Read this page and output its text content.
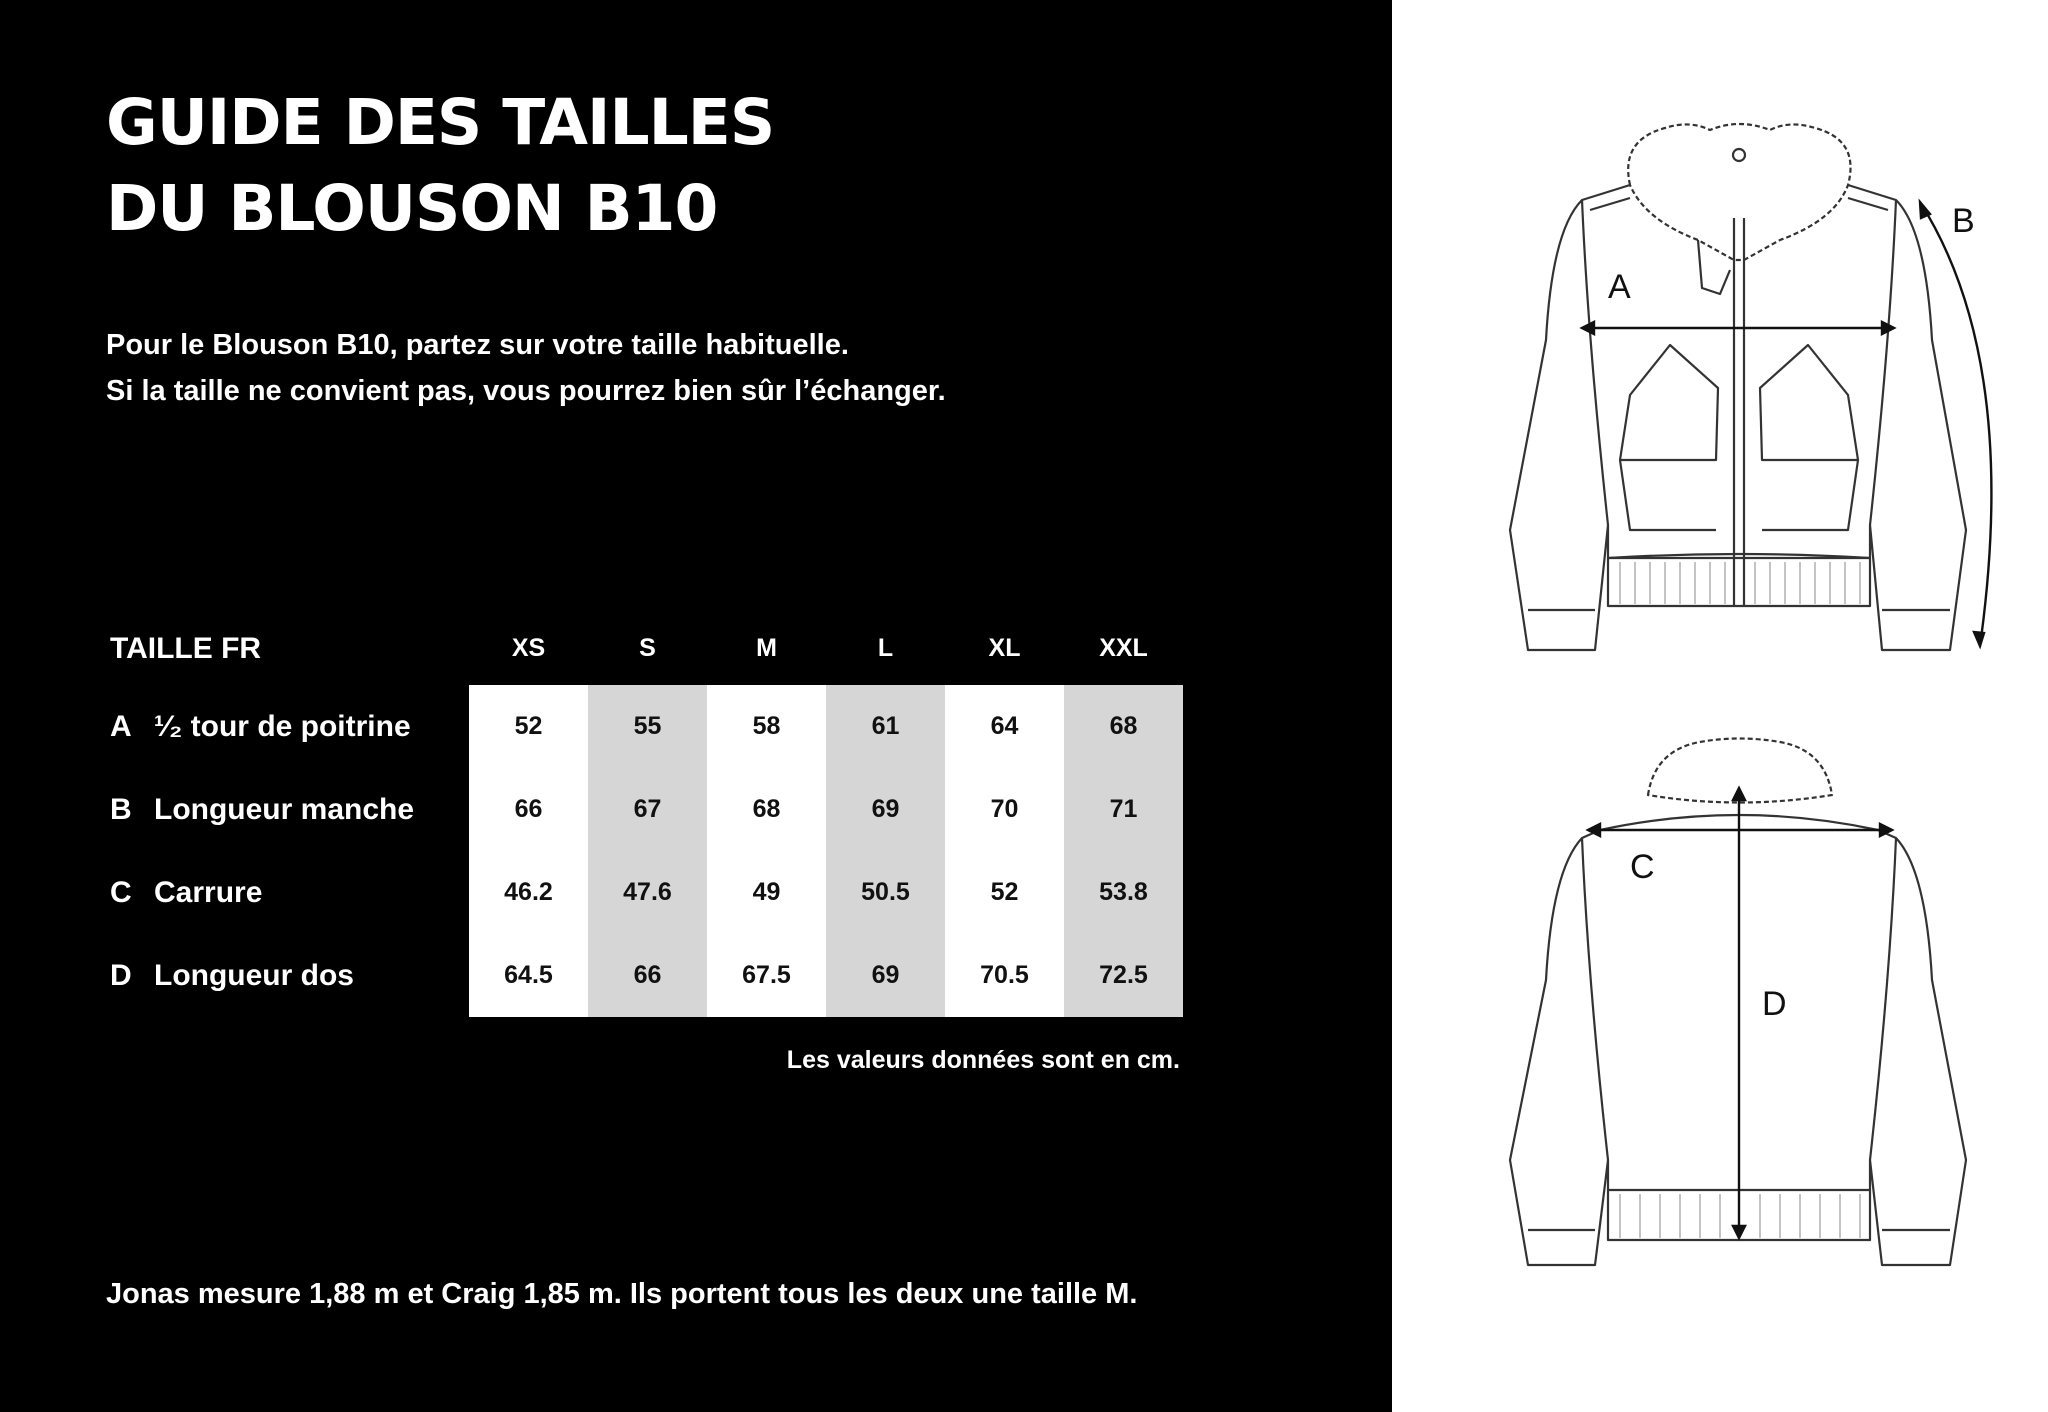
GUIDE DES TAILLES
DU BLOUSON B10
Pour le Blouson B10, partez sur votre taille habituelle.
Si la taille ne convient pas, vous pourrez bien sûr l’échanger.
TAILLE FR	XS	S	M	L	XL	XXL
A ¹⁄₂ tour de poitrine	52	55	58	61	64	68
B Longueur manche	66	67	68	69	70	71
C Carrure	46.2	47.6	49	50.5	52	53.8
D Longueur dos	64.5	66	67.5	69	70.5	72.5
Les valeurs données sont en cm.
Jonas mesure 1,88 m et Craig 1,85 m. Ils portent tous les deux une taille M.
A
B
C
D
